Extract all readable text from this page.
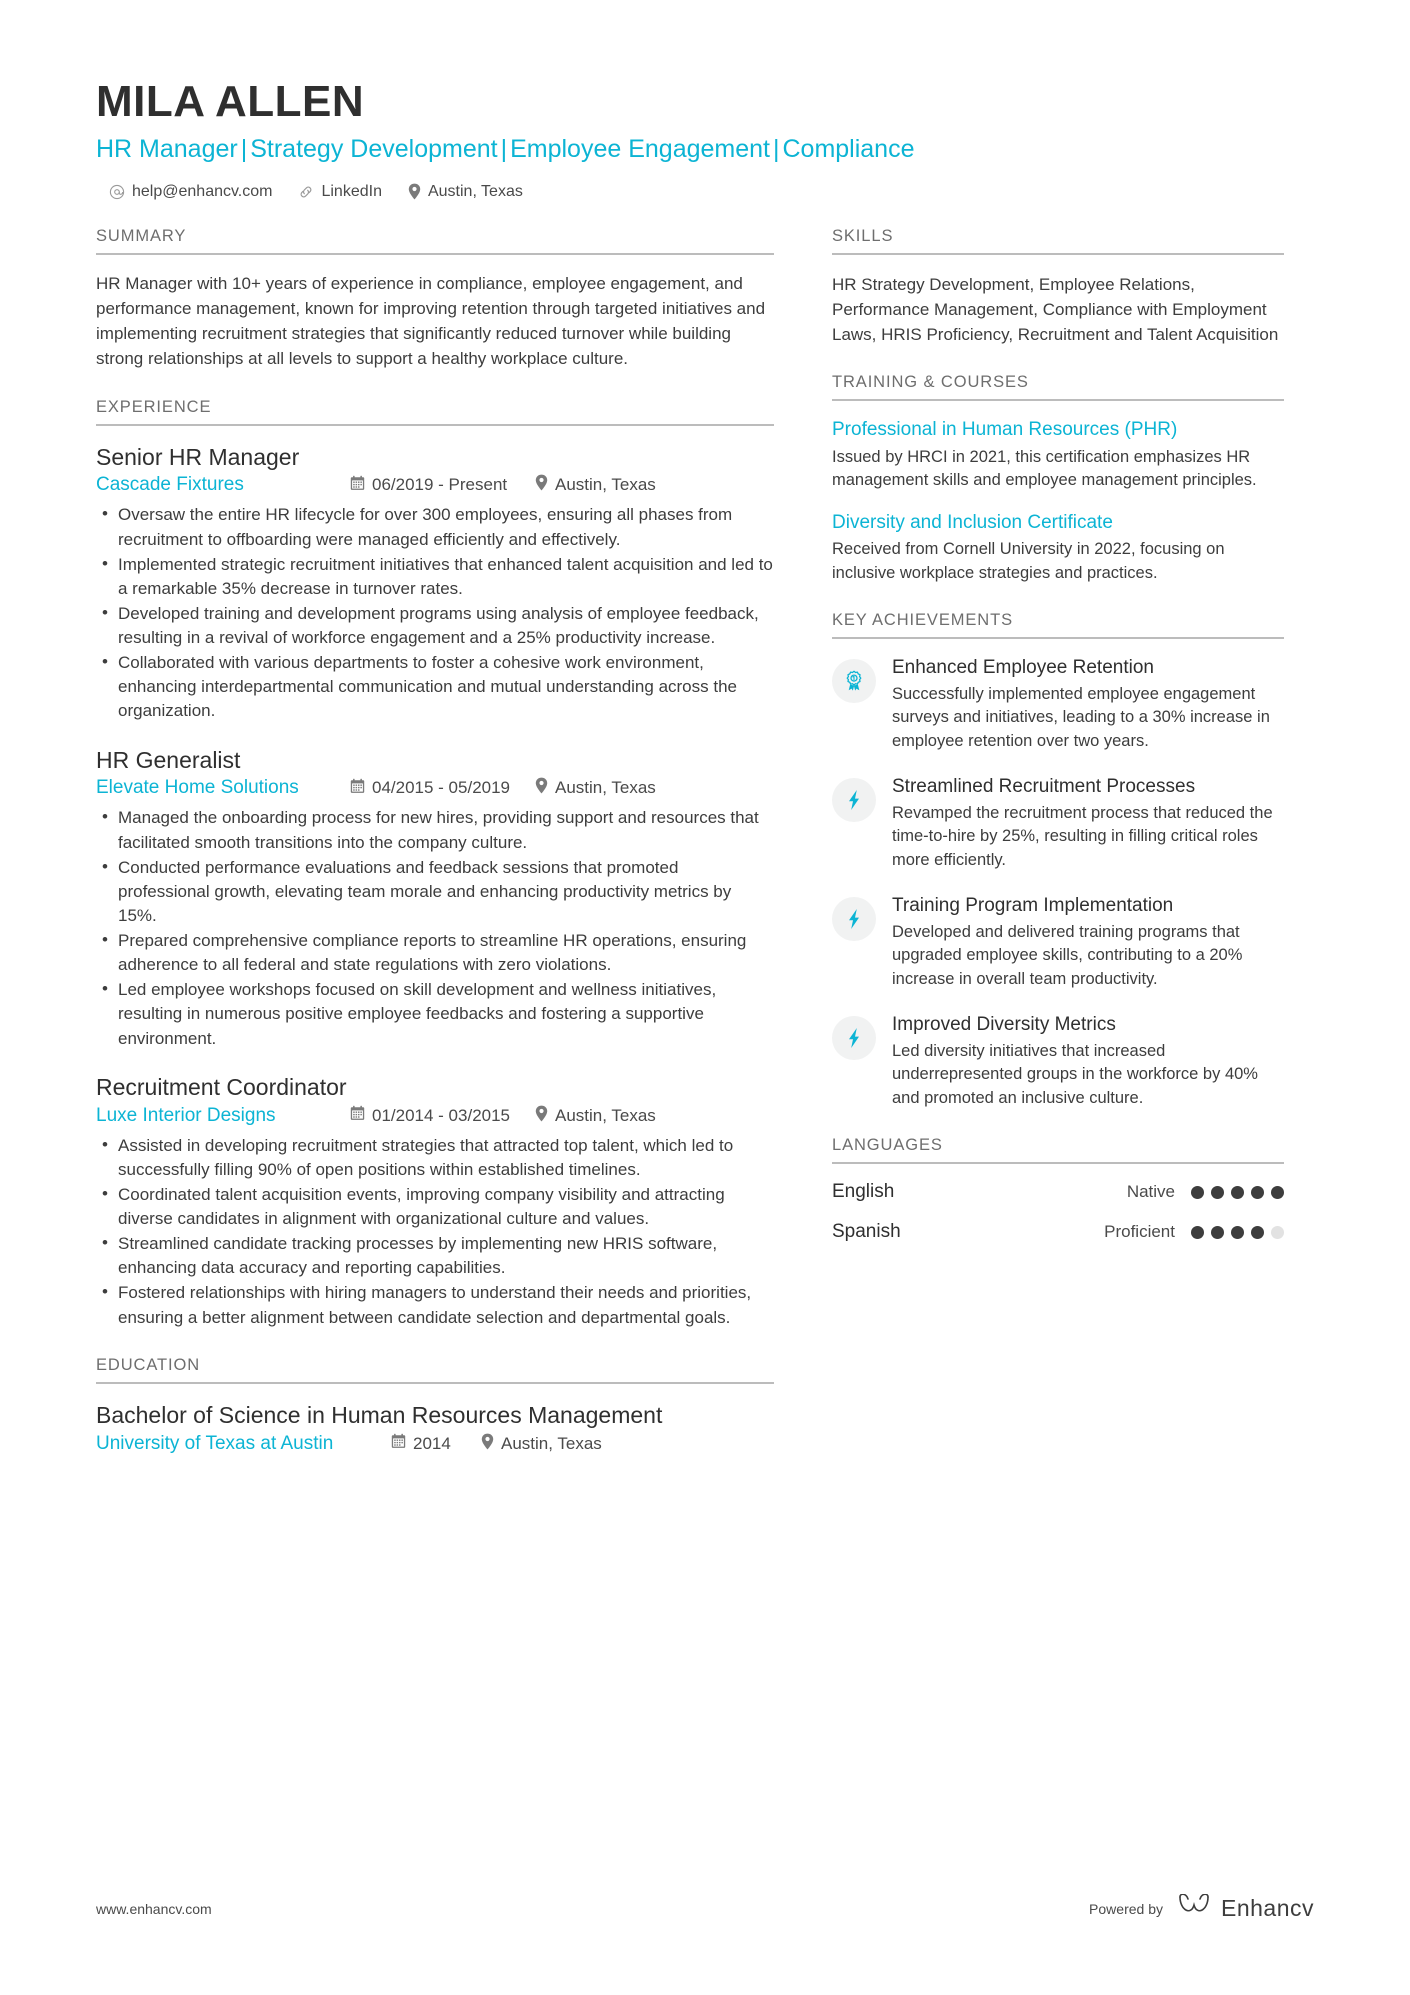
MILA ALLEN
HR Manager | Strategy Development | Employee Engagement | Compliance
help@enhancv.com	LinkedIn	Austin, Texas
SUMMARY
HR Manager with 10+ years of experience in compliance, employee engagement, and performance management, known for improving retention through targeted initiatives and implementing recruitment strategies that significantly reduced turnover while building strong relationships at all levels to support a healthy workplace culture.
EXPERIENCE
Senior HR Manager
Cascade Fixtures	06/2019 - Present	Austin, Texas
• Oversaw the entire HR lifecycle for over 300 employees, ensuring all phases from recruitment to offboarding were managed efficiently and effectively.
• Implemented strategic recruitment initiatives that enhanced talent acquisition and led to a remarkable 35% decrease in turnover rates.
• Developed training and development programs using analysis of employee feedback, resulting in a revival of workforce engagement and a 25% productivity increase.
• Collaborated with various departments to foster a cohesive work environment, enhancing interdepartmental communication and mutual understanding across the organization.
HR Generalist
Elevate Home Solutions	04/2015 - 05/2019	Austin, Texas
• Managed the onboarding process for new hires, providing support and resources that facilitated smooth transitions into the company culture.
• Conducted performance evaluations and feedback sessions that promoted professional growth, elevating team morale and enhancing productivity metrics by 15%.
• Prepared comprehensive compliance reports to streamline HR operations, ensuring adherence to all federal and state regulations with zero violations.
• Led employee workshops focused on skill development and wellness initiatives, resulting in numerous positive employee feedbacks and fostering a supportive environment.
Recruitment Coordinator
Luxe Interior Designs	01/2014 - 03/2015	Austin, Texas
• Assisted in developing recruitment strategies that attracted top talent, which led to successfully filling 90% of open positions within established timelines.
• Coordinated talent acquisition events, improving company visibility and attracting diverse candidates in alignment with organizational culture and values.
• Streamlined candidate tracking processes by implementing new HRIS software, enhancing data accuracy and reporting capabilities.
• Fostered relationships with hiring managers to understand their needs and priorities, ensuring a better alignment between candidate selection and departmental goals.
EDUCATION
Bachelor of Science in Human Resources Management
University of Texas at Austin	2014	Austin, Texas
SKILLS
HR Strategy Development, Employee Relations, Performance Management, Compliance with Employment Laws, HRIS Proficiency, Recruitment and Talent Acquisition
TRAINING & COURSES
Professional in Human Resources (PHR)
Issued by HRCI in 2021, this certification emphasizes HR management skills and employee management principles.
Diversity and Inclusion Certificate
Received from Cornell University in 2022, focusing on inclusive workplace strategies and practices.
KEY ACHIEVEMENTS
Enhanced Employee Retention
Successfully implemented employee engagement surveys and initiatives, leading to a 30% increase in employee retention over two years.
Streamlined Recruitment Processes
Revamped the recruitment process that reduced the time-to-hire by 25%, resulting in filling critical roles more efficiently.
Training Program Implementation
Developed and delivered training programs that upgraded employee skills, contributing to a 20% increase in overall team productivity.
Improved Diversity Metrics
Led diversity initiatives that increased underrepresented groups in the workforce by 40% and promoted an inclusive culture.
LANGUAGES
English	Native
Spanish	Proficient
www.enhancv.com	Powered by	Enhancv
